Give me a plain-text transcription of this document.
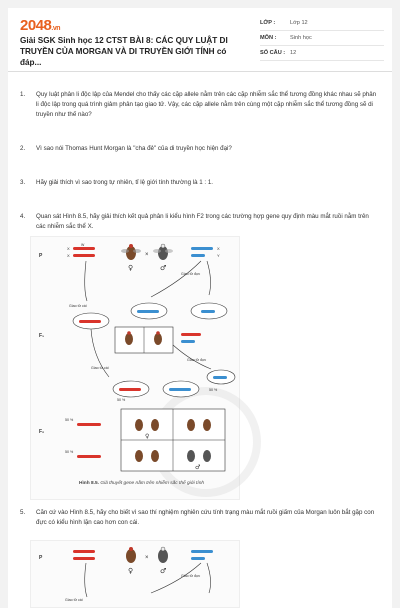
2048.vn
Giải SGK Sinh học 12 CTST BÀI 8: CÁC QUY LUẬT DI TRUYỀN CỦA MORGAN VÀ DI TRUYỀN GIỚI TÍNH có đáp...
LỚP :	Lớp 12
MÔN :	Sinh học
SỐ CÂU : 12
1.	Quy luật phân li độc lập của Mendel cho thấy các cặp allele nằm trên các cặp nhiễm sắc thể tương đồng khác nhau sẽ phân li độc lập trong quá trình giảm phân tạo giao tử. Vậy, các cặp allele nằm trên cùng một cặp nhiễm sắc thể tương đồng sẽ di truyền như thế nào?
2.	Vì sao nói Thomas Hunt Morgan là "cha đẻ" của di truyền học hiện đại?
3.	Hãy giải thích vì sao trong tự nhiên, tỉ lệ giới tính thường là 1 : 1.
4.	Quan sát Hình 8.5, hãy giải thích kết quả phân li kiểu hình F2 trong các trường hợp gene quy định màu mắt ruồi nằm trên các nhiễm sắc thể X.
5.	Căn cứ vào Hình 8.5, hãy cho biết vì sao thí nghiệm nghiên cứu tính trạng màu mắt ruồi giấm của Morgan luôn bắt gặp con đực có kiểu hình lặn cao hơn con cái.
P
F₁
F₂
X
X
W
×
♀	♂
X
Y
Giao tử cái
Giao tử đực
Giao tử cái
Giao tử đực
50 %
50 %
50 %
50 %
♀
♂
Hình 8.5. Giả thuyết gene nằm trên nhiễm sắc thể giới tính
P	×
♀	♂
Giao tử đực
Giao tử cái
